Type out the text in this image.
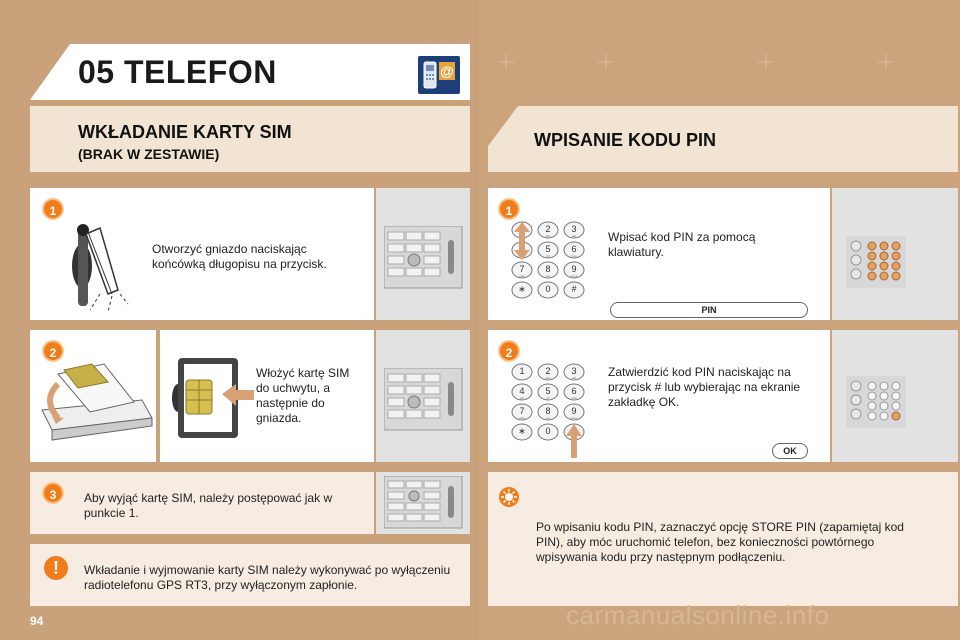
05 TELEFON	@
WKŁADANIE KARTY SIM
(BRAK W ZESTAWIE)
WPISANIE KODU PIN
1
Otworzyć gniazdo naciskając końcówką długopisu na przycisk.
2
Włożyć kartę SIM do uchwytu, a następnie do gniazda.
3	Aby wyjąć kartę SIM, należy postępować jak w punkcie 1.
!	Wkładanie i wyjmowanie karty SIM należy wykonywać po wyłączeniu radiotelefonu GPS RT3, przy wyłączonym zapłonie.
1
2
abc
3
def
5
jkl
6
mno
7
pqrs
8
tuv
9
wxyz
∗ 0 #
Wpisać kod PIN za pomocą klawiatury.
PIN
2
1 2
abc
3
def
4
ghi
5
jkl
6
mno
7
pqrs
8
tuv
9
wxyz
∗ 0
Zatwierdzić kod PIN naciskając na przycisk # lub wybierając na ekranie zakładkę OK.
OK
Po wpisaniu kodu PIN, zaznaczyć opcję STORE PIN (zapamiętaj kod PIN), aby móc uruchomić telefon, bez konieczności powtórnego wpisywania kodu przy następnym podłączeniu.
94	carmanualsonline.info
